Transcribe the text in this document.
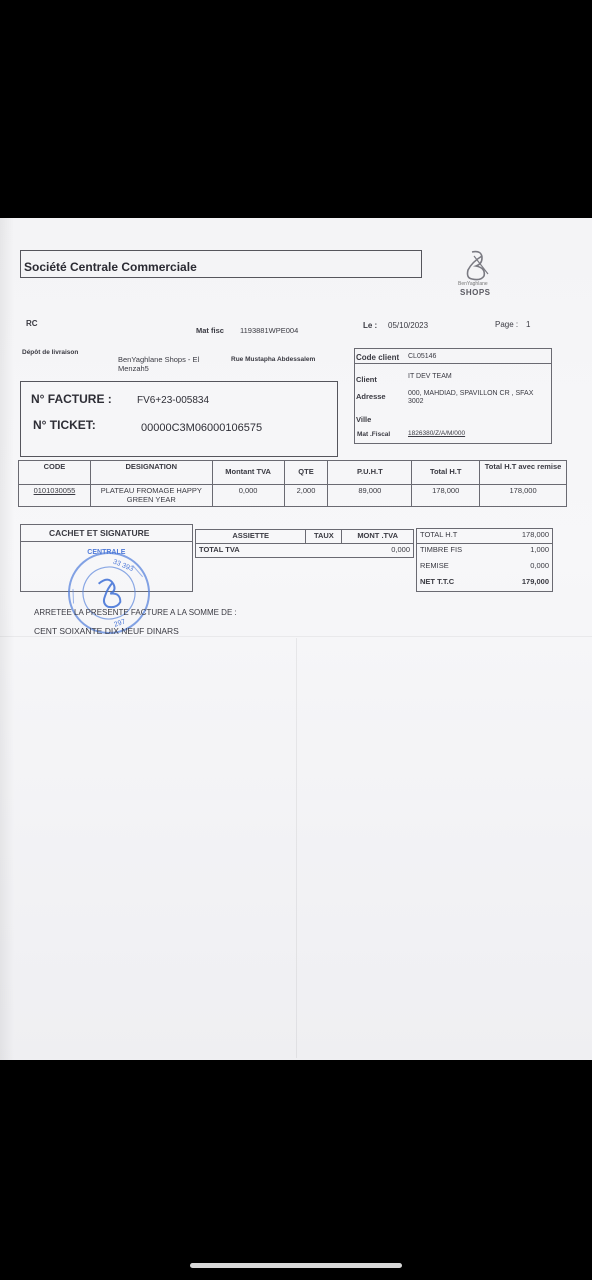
Société Centrale Commerciale
BenYaghlane
SHOPS
RC
Mat fisc 1193881WPE004
Le : 05/10/2023	Page : 1
Dépôt de livraison
BenYaghlane Shops - El Menzah5
Rue Mustapha Abdessalem
N° FACTURE :	FV6+23-005834
N° TICKET:	00000C3M06000106575
Code client CL05146
Client	IT DEV TEAM
Adresse	000, MAHDIAD, SPAVILLON CR , SFAX 3002
Ville
Mat .Fiscal	1826380/Z/A/M/000
CODE	DESIGNATION	Montant TVA	QTE	P.U.H.T	Total H.T	Total H.T avec remise
0101030055	PLATEAU FROMAGE HAPPY GREEN YEAR	0,000	2,000	89,000	178,000	178,000
CACHET ET SIGNATURE
CENTRALE
33 393
297
ASSIETTE	TAUX	MONT .TVA
TOTAL TVA		0,000
TOTAL H.T	178,000
TIMBRE FIS	1,000
REMISE	0,000
NET T.T.C	179,000
ARRETEE LA PRESENTE FACTURE A LA SOMME DE :
CENT SOIXANTE DIX NEUF DINARS
